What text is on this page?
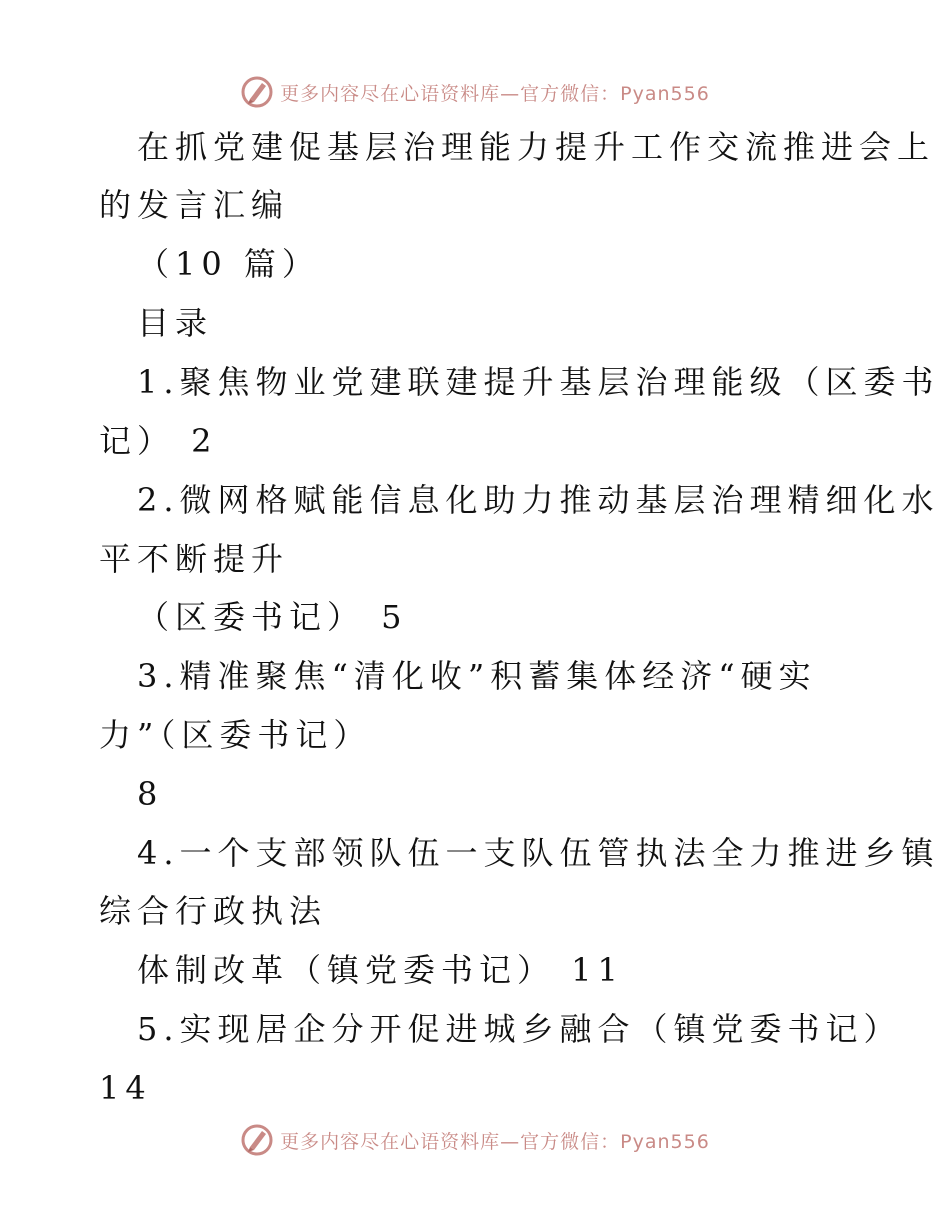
更多内容尽在心语资料库—官方微信：Pyan556
在抓党建促基层治理能力提升工作交流推进会上
的发言汇编
（10 篇）
目录
1.聚焦物业党建联建提升基层治理能级（区委书
记） 2
2.微网格赋能信息化助力推动基层治理精细化水
平不断提升
（区委书记） 5
3.精准聚焦“清化收”积蓄集体经济“硬实
力”（区委书记）
8
4.一个支部领队伍一支队伍管执法全力推进乡镇
综合行政执法
体制改革（镇党委书记） 11
5.实现居企分开促进城乡融合（镇党委书记）
14
更多内容尽在心语资料库—官方微信：Pyan556
